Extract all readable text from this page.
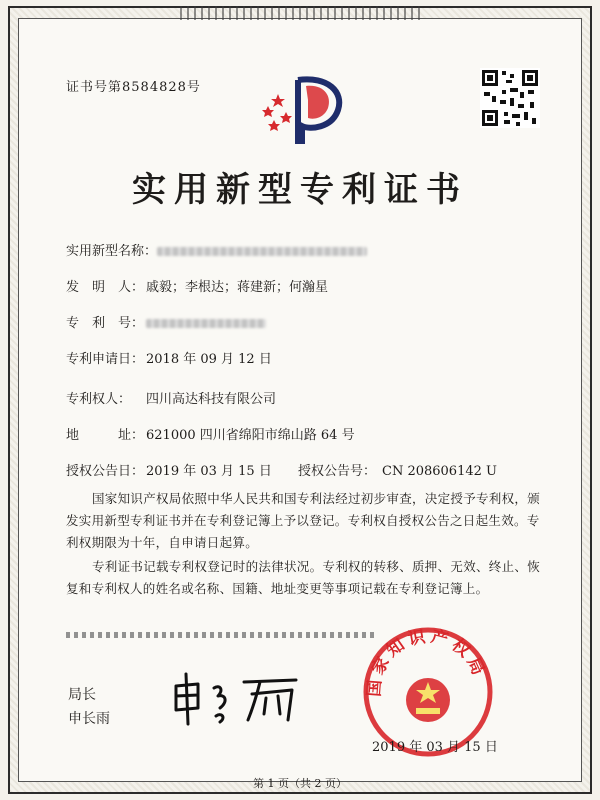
证书号第8584828号
实用新型专利证书
实用新型名称：
发　明　人： 戚毅；李根达；蒋建新；何瀚星
专　利　号：
专利申请日： 2018 年 09 月 12 日
专利权人： 四川高达科技有限公司
地　　　址： 621000 四川省绵阳市绵山路 64 号
授权公告日： 2019 年 03 月 15 日 授权公告号： CN 208606142 U
国家知识产权局依照中华人民共和国专利法经过初步审查，决定授予专利权，颁发实用新型专利证书并在专利登记簿上予以登记。专利权自授权公告之日起生效。专利权期限为十年，自申请日起算。
专利证书记载专利权登记时的法律状况。专利权的转移、质押、无效、终止、恢复和专利权人的姓名或名称、国籍、地址变更等事项记载在专利登记簿上。
局长
申长雨
国家知识产权局
2019 年 03 月 15 日
第 1 页（共 2 页）
